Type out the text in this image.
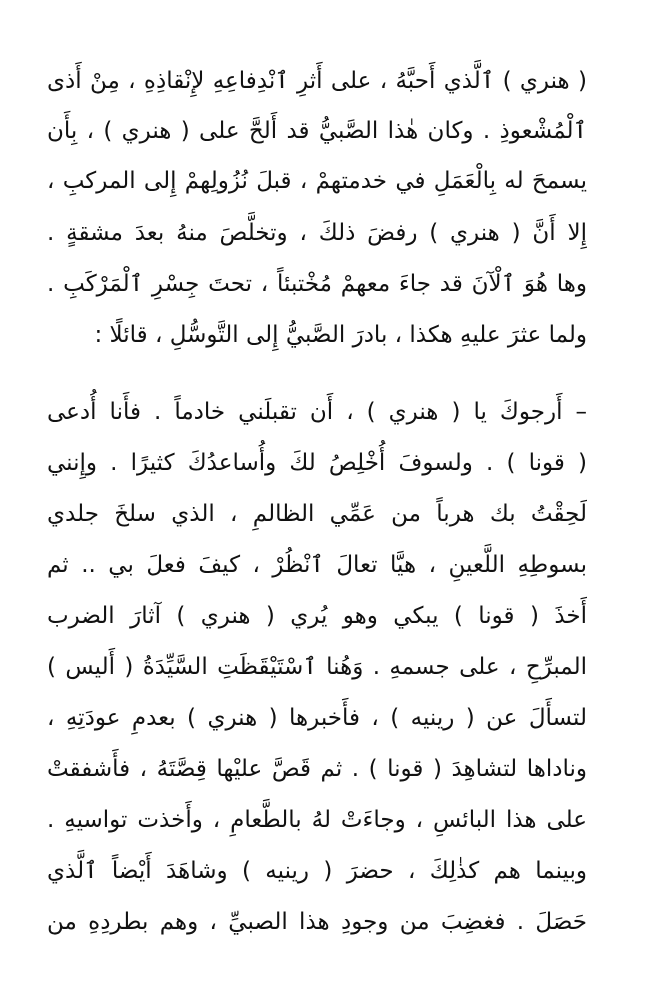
( هنري ) ٱلَّذي أَحبَّهُ ، على أَثرِ ٱنْدِفاعِهِ لإِنْقاذِهِ ، مِنْ أَذى
ٱلْمُشْعوذِ . وكان هٰذا الصَّبيُّ قد أَلحَّ على ( هنري ) ، بِأَن
يسمحَ له بِالْعَمَلِ في خدمتهمْ ، قبلَ نُزُولِهمْ إِلى المركبِ ،
إِلا أَنَّ ( هنري ) رفضَ ذلكَ ، وتخلَّصَ منهُ بعدَ مشقةٍ .
وها هُوَ ٱلْآنَ قد جاءَ معهمْ مُخْتبئاً ، تحتَ جِسْرِ ٱلْمَرْكَبِ .
ولما عثرَ عليهِ هكذا ، بادرَ الصَّبيُّ إِلى التَّوسُّلِ ، قائلًا :
– أَرجوكَ يا ( هنري ) ، أَن تقبلَني خادماً . فأَنا أُدعى
( قونا ) . ولسوفَ أُخْلِصُ لكَ وأُساعدُكَ كثيرًا . وإِنني
لَحِقْتُ بك هرباً من عَمِّي الظالمِ ، الذي سلخَ جلدي
بسوطِهِ اللَّعينِ ، هيَّا تعالَ ٱنْظُرْ ، كيفَ فعلَ بي .. ثم
أَخذَ ( قونا ) يبكي وهو يُري ( هنري ) آثارَ الضرب
المبرِّحِ ، على جسمهِ . وَهُنا ٱسْتَيْقَظَتِ السَّيِّدَةُ ( أَليس )
لتسأَلَ عن ( رينيه ) ، فأَخبرها ( هنري ) بعدمِ عودَتِهِ ،
وناداها لتشاهِدَ ( قونا ) . ثم قَصَّ عليْها قِصَّتَهُ ، فأَشفقتْ
على هذا البائسِ ، وجاءَتْ لهُ بالطَّعامِ ، وأَخذت تواسيهِ .
وبينما هم كذٰلِكَ ، حضرَ ( رينيه ) وشاهَدَ أَيْضاً ٱلَّذي
حَصَلَ . فغضِبَ من وجودِ هذا الصبيِّ ، وهم بطردِهِ من
